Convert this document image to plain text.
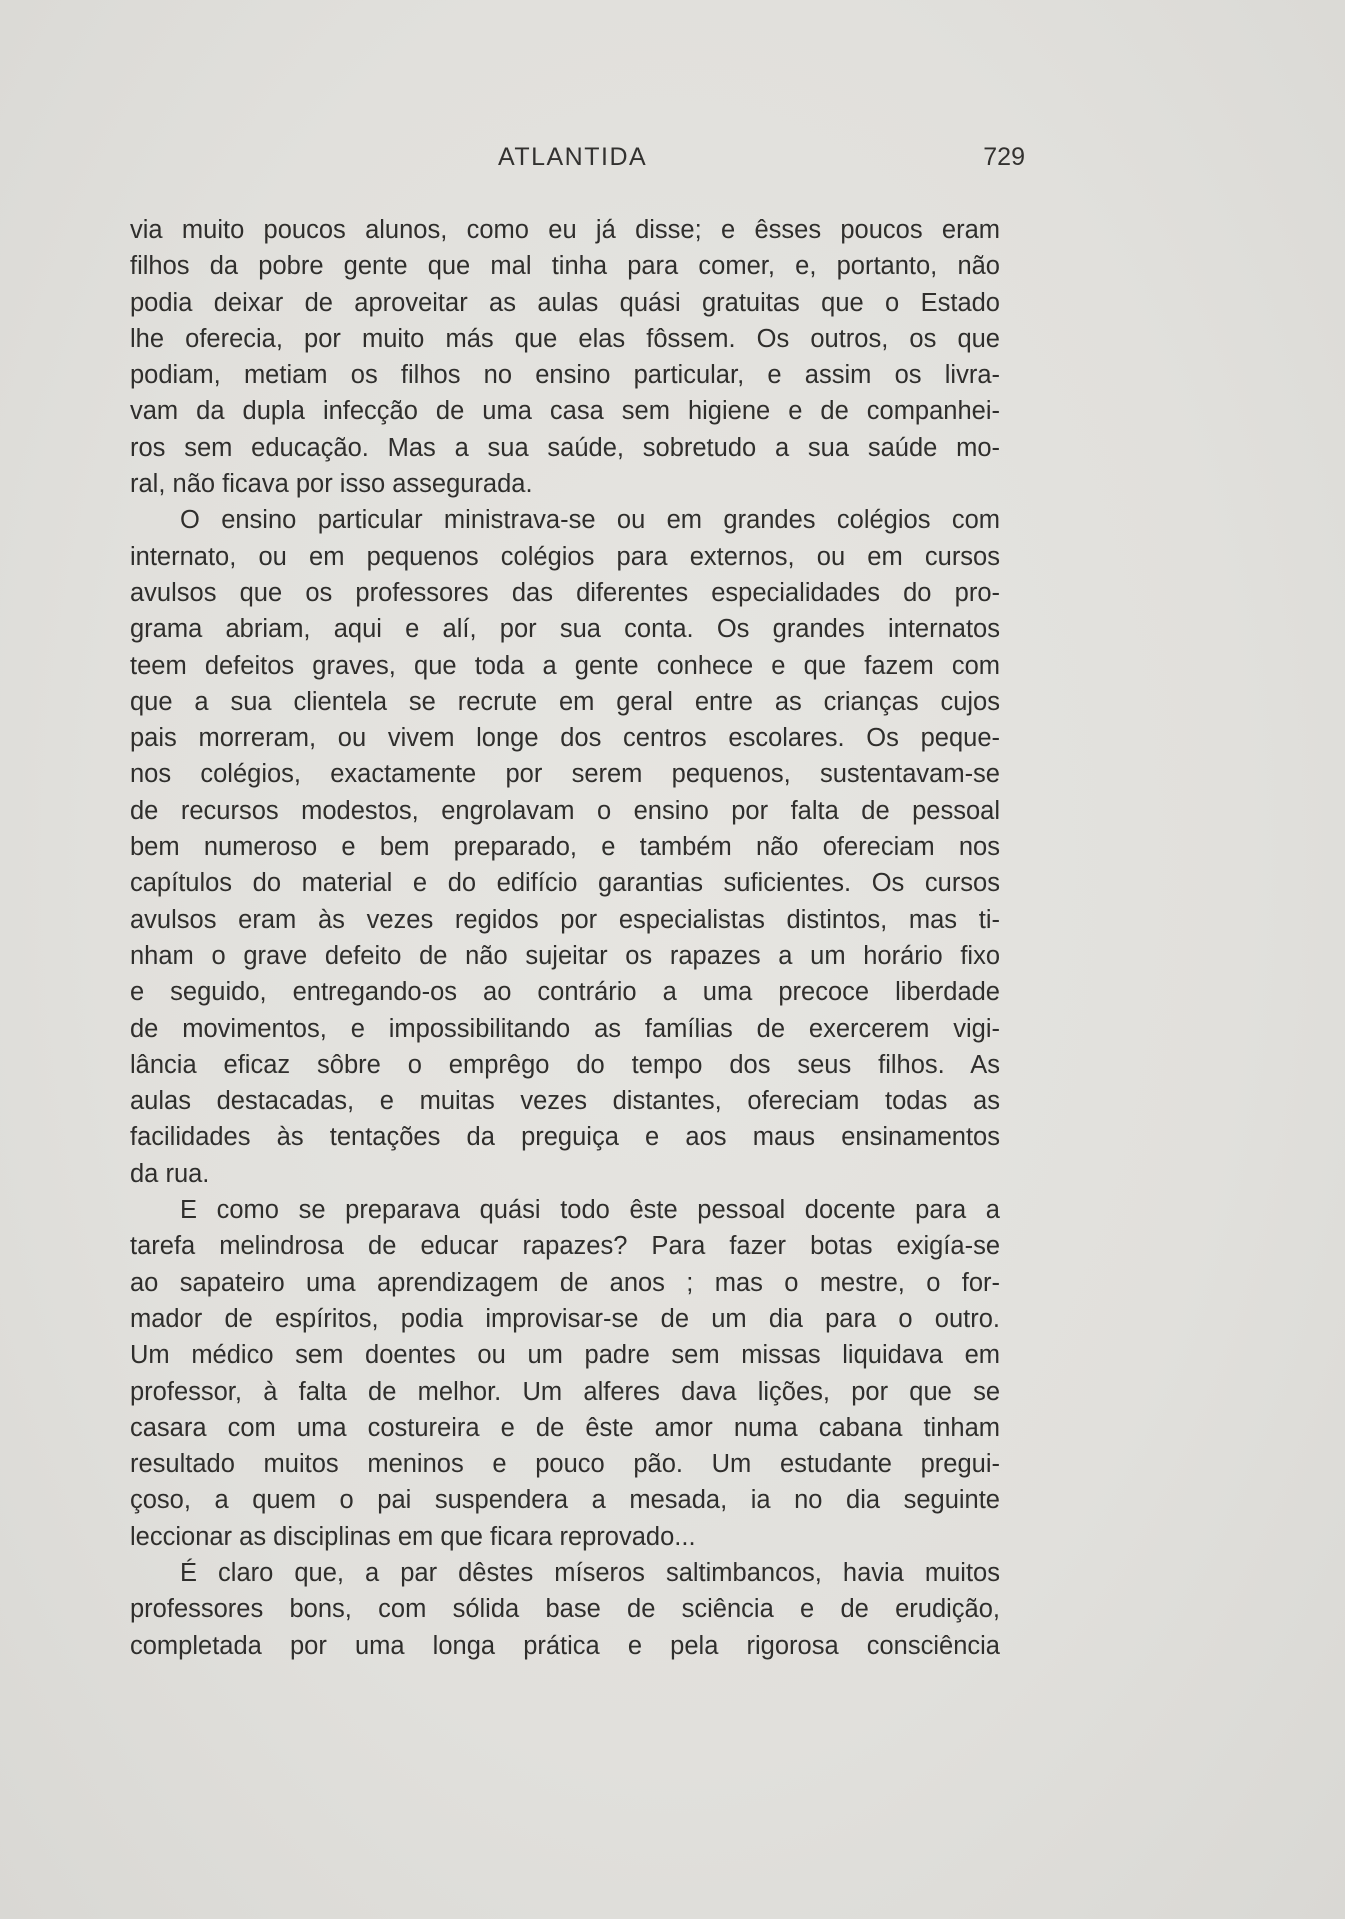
ATLANTIDA	729
via muito poucos alunos, como eu já disse; e êsses poucos eram
filhos da pobre gente que mal tinha para comer, e, portanto, não
podia deixar de aproveitar as aulas quási gratuitas que o Estado
lhe oferecia, por muito más que elas fôssem. Os outros, os que
podiam, metiam os filhos no ensino particular, e assim os livra-
vam da dupla infecção de uma casa sem higiene e de companhei-
ros sem educação. Mas a sua saúde, sobretudo a sua saúde mo-
ral, não ficava por isso assegurada.
O ensino particular ministrava-se ou em grandes colégios com
internato, ou em pequenos colégios para externos, ou em cursos
avulsos que os professores das diferentes especialidades do pro-
grama abriam, aqui e alí, por sua conta. Os grandes internatos
teem defeitos graves, que toda a gente conhece e que fazem com
que a sua clientela se recrute em geral entre as crianças cujos
pais morreram, ou vivem longe dos centros escolares. Os peque-
nos colégios, exactamente por serem pequenos, sustentavam-se
de recursos modestos, engrolavam o ensino por falta de pessoal
bem numeroso e bem preparado, e também não ofereciam nos
capítulos do material e do edifício garantias suficientes. Os cursos
avulsos eram às vezes regidos por especialistas distintos, mas ti-
nham o grave defeito de não sujeitar os rapazes a um horário fixo
e seguido, entregando-os ao contrário a uma precoce liberdade
de movimentos, e impossibilitando as famílias de exercerem vigi-
lância eficaz sôbre o emprêgo do tempo dos seus filhos. As
aulas destacadas, e muitas vezes distantes, ofereciam todas as
facilidades às tentações da preguiça e aos maus ensinamentos
da rua.
E como se preparava quási todo êste pessoal docente para a
tarefa melindrosa de educar rapazes? Para fazer botas exigía-se
ao sapateiro uma aprendizagem de anos ; mas o mestre, o for-
mador de espíritos, podia improvisar-se de um dia para o outro.
Um médico sem doentes ou um padre sem missas liquidava em
professor, à falta de melhor. Um alferes dava lições, por que se
casara com uma costureira e de êste amor numa cabana tinham
resultado muitos meninos e pouco pão. Um estudante pregui-
çoso, a quem o pai suspendera a mesada, ia no dia seguinte
leccionar as disciplinas em que ficara reprovado...
É claro que, a par dêstes míseros saltimbancos, havia muitos
professores bons, com sólida base de sciência e de erudição,
completada por uma longa prática e pela rigorosa consciência
